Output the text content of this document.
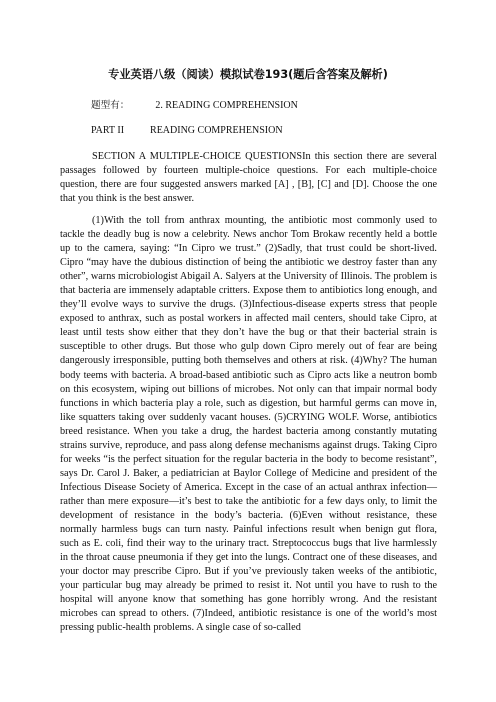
专业英语八级（阅读）模拟试卷193(题后含答案及解析)
题型有：	2. READING COMPREHENSION
PART II	READING COMPREHENSION
SECTION A MULTIPLE-CHOICE QUESTIONSIn this section there are several passages followed by fourteen multiple-choice questions. For each multiple-choice question, there are four suggested answers marked [A] , [B], [C] and [D]. Choose the one that you think is the best answer.
(1)With the toll from anthrax mounting, the antibiotic most commonly used to tackle the deadly bug is now a celebrity. News anchor Tom Brokaw recently held a bottle up to the camera, saying: “In Cipro we trust.” (2)Sadly, that trust could be short-lived. Cipro “may have the dubious distinction of being the antibiotic we destroy faster than any other”, warns microbiologist Abigail A. Salyers at the University of Illinois. The problem is that bacteria are immensely adaptable critters. Expose them to antibiotics long enough, and they’ll evolve ways to survive the drugs. (3)Infectious-disease experts stress that people exposed to anthrax, such as postal workers in affected mail centers, should take Cipro, at least until tests show either that they don’t have the bug or that their bacterial strain is susceptible to other drugs. But those who gulp down Cipro merely out of fear are being dangerously irresponsible, putting both themselves and others at risk. (4)Why? The human body teems with bacteria. A broad-based antibiotic such as Cipro acts like a neutron bomb on this ecosystem, wiping out billions of microbes. Not only can that impair normal body functions in which bacteria play a role, such as digestion, but harmful germs can move in, like squatters taking over suddenly vacant houses. (5)CRYING WOLF. Worse, antibiotics breed resistance. When you take a drug, the hardest bacteria among constantly mutating strains survive, reproduce, and pass along defense mechanisms against drugs. Taking Cipro for weeks “is the perfect situation for the regular bacteria in the body to become resistant”, says Dr. Carol J. Baker, a pediatrician at Baylor College of Medicine and president of the Infectious Disease Society of America. Except in the case of an actual anthrax infection—rather than mere exposure—it’s best to take the antibiotic for a few days only, to limit the development of resistance in the body’s bacteria. (6)Even without resistance, these normally harmless bugs can turn nasty. Painful infections result when benign gut flora, such as E. coli, find their way to the urinary tract. Streptococcus bugs that live harmlessly in the throat cause pneumonia if they get into the lungs. Contract one of these diseases, and your doctor may prescribe Cipro. But if you’ve previously taken weeks of the antibiotic, your particular bug may already be primed to resist it. Not until you have to rush to the hospital will anyone know that something has gone horribly wrong. And the resistant microbes can spread to others. (7)Indeed, antibiotic resistance is one of the world’s most pressing public-health problems. A single case of so-called
